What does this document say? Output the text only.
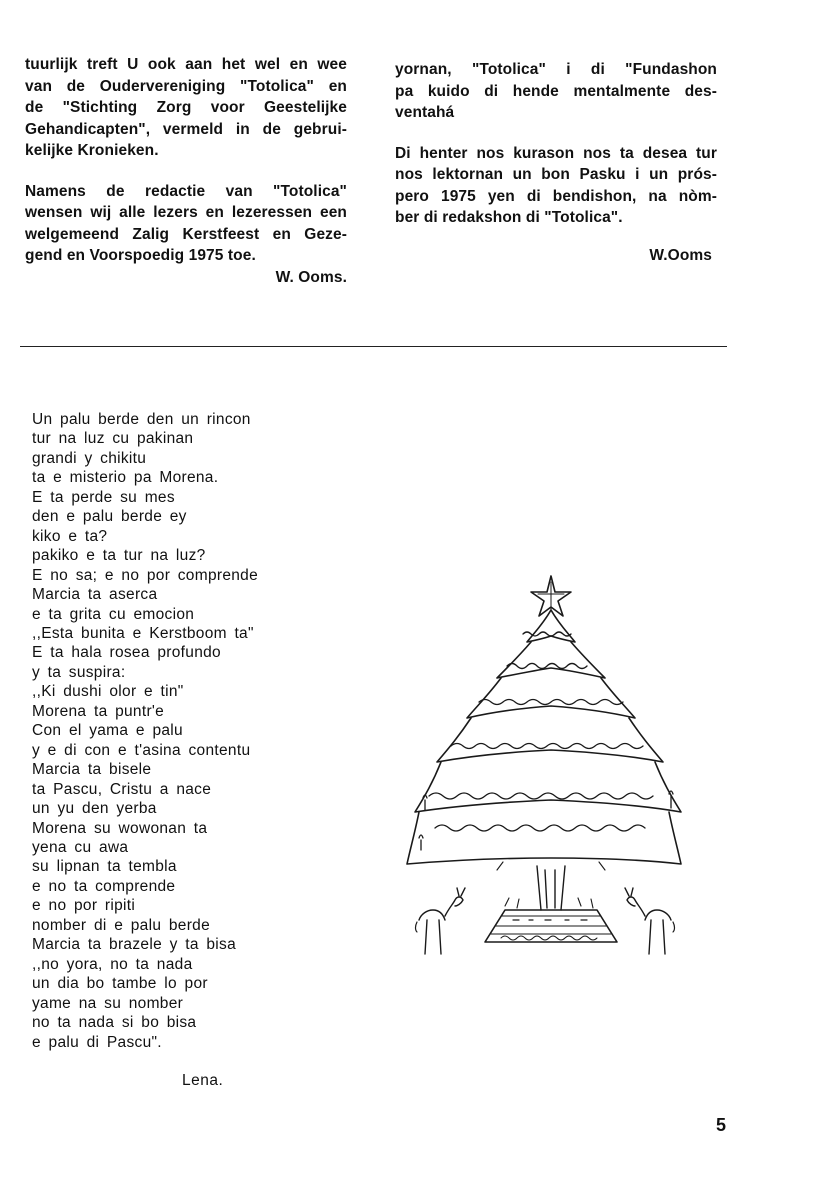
tuurlijk treft U ook aan het wel en wee
van de Oudervereniging "Totolica" en
de "Stichting Zorg voor Geestelijke
Gehandicapten", vermeld in de gebrui-
kelijke Kronieken.
Namens de redactie van "Totolica"
wensen wij alle lezers en lezeressen een
welgemeend Zalig Kerstfeest en Geze-
gend en Voorspoedig 1975 toe.
W. Ooms.
yornan, "Totolica" i di "Fundashon
pa kuido di hende mentalmente des-
ventahá
Di henter nos kurason nos ta desea tur
nos lektornan un bon Pasku i un prós-
pero 1975 yen di bendishon, na nòm-
ber di redakshon di "Totolica".
W.Ooms
Un palu berde den un rincon
tur na luz cu pakinan
grandi y chikitu
ta e misterio pa Morena.
E ta perde su mes
den e palu berde ey
kiko e ta?
pakiko e ta tur na luz?
E no sa; e no por comprende
Marcia ta aserca
e ta grita cu emocion
,,Esta bunita e Kerstboom ta"
E ta hala rosea profundo
y ta suspira:
,,Ki dushi olor e tin"
Morena ta puntr'e
Con el yama e palu
y e di con e t'asina contentu
Marcia ta bisele
ta Pascu, Cristu a nace
un yu den yerba
Morena su wowonan ta
yena cu awa
su lipnan ta tembla
e no ta comprende
e no por ripiti
nomber di e palu berde
Marcia ta brazele y ta bisa
,,no yora, no ta nada
un dia bo tambe lo por
yame na su nomber
no ta nada si bo bisa
e palu di Pascu".
Lena.
5
